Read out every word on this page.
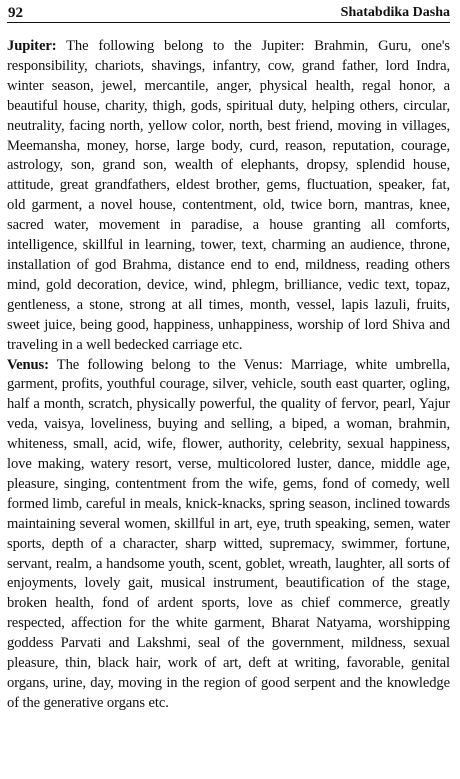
92	Shatabdika Dasha

Jupiter: The following belong to the Jupiter: Brahmin, Guru, one's responsibility, chariots, shavings, infantry, cow, grand father, lord Indra, winter season, jewel, mercantile, anger, physical health, regal honor, a beautiful house, charity, thigh, gods, spiritual duty, helping others, circular, neutrality, facing north, yellow color, north, best friend, moving in villages, Meemansha, money, horse, large body, curd, reason, reputation, courage, astrology, son, grand son, wealth of elephants, dropsy, splendid house, attitude, great grandfathers, eldest brother, gems, fluctuation, speaker, fat, old garment, a novel house, contentment, old, twice born, mantras, knee, sacred water, movement in paradise, a house granting all comforts, intelligence, skillful in learning, tower, text, charming an audience, throne, installation of god Brahma, distance end to end, mildness, reading others mind, gold decoration, device, wind, phlegm, brilliance, vedic text, topaz, gentleness, a stone, strong at all times, month, vessel, lapis lazuli, fruits, sweet juice, being good, happiness, unhappiness, worship of lord Shiva and traveling in a well bedecked carriage etc.

Venus: The following belong to the Venus: Marriage, white umbrella, garment, profits, youthful courage, silver, vehicle, south east quarter, ogling, half a month, scratch, physically powerful, the quality of fervor, pearl, Yajur veda, vaisya, loveliness, buying and selling, a biped, a woman, brahmin, whiteness, small, acid, wife, flower, authority, celebrity, sexual happiness, love making, watery resort, verse, multicolored luster, dance, middle age, pleasure, singing, contentment from the wife, gems, fond of comedy, well formed limb, careful in meals, knick-knacks, spring season, inclined towards maintaining several women, skillful in art, eye, truth speaking, semen, water sports, depth of a character, sharp witted, supremacy, swimmer, fortune, servant, realm, a handsome youth, scent, goblet, wreath, laughter, all sorts of enjoyments, lovely gait, musical instrument, beautification of the stage, broken health, fond of ardent sports, love as chief commerce, greatly respected, affection for the white garment, Bharat Natyama, worshipping goddess Parvati and Lakshmi, seal of the government, mildness, sexual pleasure, thin, black hair, work of art, deft at writing, favorable, genital organs, urine, day, moving in the region of good serpent and the knowledge of the generative organs etc.
